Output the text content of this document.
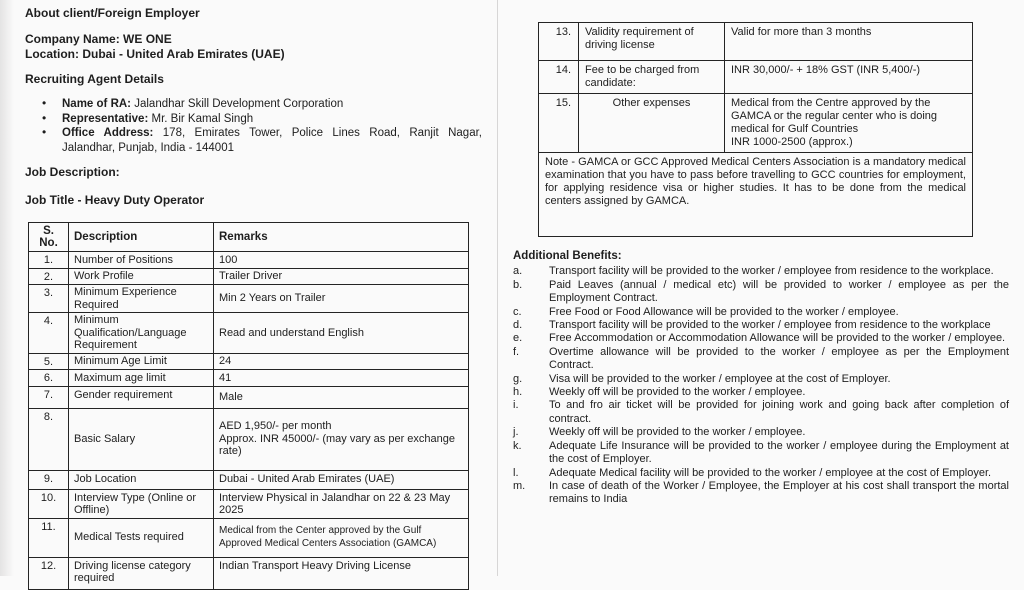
About client/Foreign Employer
Company Name: WE ONE
Location: Dubai - United Arab Emirates (UAE)
Recruiting Agent Details
• Name of RA: Jalandhar Skill Development Corporation
• Representative: Mr. Bir Kamal Singh
• Office Address: 178, Emirates Tower, Police Lines Road, Ranjit Nagar, Jalandhar, Punjab, India - 144001
Job Description:
Job Title - Heavy Duty Operator
S. No.	Description	Remarks
1.	Number of Positions	100
2.	Work Profile	Trailer Driver
3.	Minimum Experience Required	Min 2 Years on Trailer
4.	Minimum Qualification/Language Requirement	Read and understand English
5.	Minimum Age Limit	24
6.	Maximum age limit	41
7.	Gender requirement	Male
8.	Basic Salary	AED 1,950/- per month
Approx. INR 45000/- (may vary as per exchange rate)

9.	Job Location	Dubai - United Arab Emirates (UAE)
10.	Interview Type (Online or Offline)	Interview Physical in Jalandhar on 22 & 23 May 2025
11.	Medical Tests required	Medical from the Center approved by the Gulf Approved Medical Centers Association (GAMCA)
12.	Driving license category required	Indian Transport Heavy Driving License
13.	Validity requirement of driving license	Valid for more than 3 months
14.	Fee to be charged from candidate:	INR 30,000/- + 18% GST (INR 5,400/-)
15.	Other expenses	Medical from the Centre approved by the GAMCA or the regular center who is doing medical for Gulf Countries
INR 1000-2500 (approx.)

Note - GAMCA or GCC Approved Medical Centers Association is a mandatory medical examination that you have to pass before travelling to GCC countries for employment, for applying residence visa or higher studies. It has to be done from the medical centers assigned by GAMCA.		
Additional Benefits:
a.	Transport facility will be provided to the worker / employee from residence to the workplace.
b.	Paid Leaves (annual / medical etc) will be provided to worker / employee as per the Employment Contract.
c.	Free Food or Food Allowance will be provided to the worker / employee.
d.	Transport facility will be provided to the worker / employee from residence to the workplace
e.	Free Accommodation or Accommodation Allowance will be provided to the worker / employee.
f.	Overtime allowance will be provided to the worker / employee as per the Employment Contract.
g.	Visa will be provided to the worker / employee at the cost of Employer.
h.	Weekly off will be provided to the worker / employee.
i.	To and fro air ticket will be provided for joining work and going back after completion of contract.
j.	Weekly off will be provided to the worker / employee.
k.	Adequate Life Insurance will be provided to the worker / employee during the Employment at the cost of Employer.
l.	Adequate Medical facility will be provided to the worker / employee at the cost of Employer.
m.	In case of death of the Worker / Employee, the Employer at his cost shall transport the mortal remains to India
